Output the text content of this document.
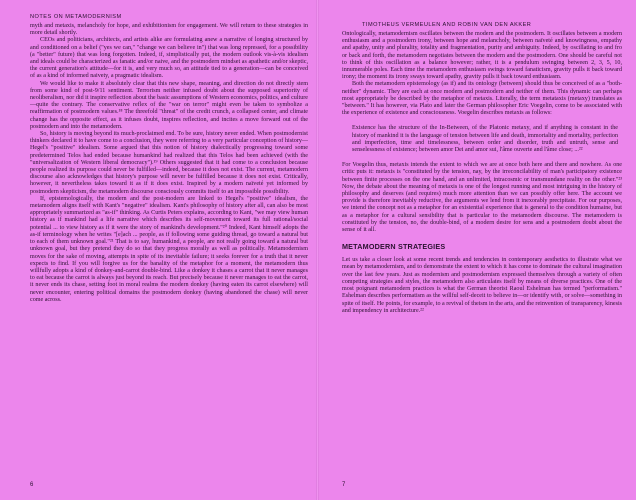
NOTES ON METAMODERNISM

myth and metaxis, melancholy for hope, and exhibitionism for engagement. We will return to these strategies in more detail shortly.

CEOs and politicians, architects, and artists alike are formulating anew a narrative of longing structured by and conditioned on a belief ("yes we can," "change we can believe in") that was long repressed, for a possibility (a "better" future) that was long forgotten. Indeed, if, simplistically put, the modern outlook vis-à-vis idealism and ideals could be characterized as fanatic and/or naive, and the postmodern mindset as apathetic and/or skeptic, the current generation's attitude—for it is, and very much so, an attitude tied to a generation—can be conceived of as a kind of informed naivety, a pragmatic idealism.

We would like to make it absolutely clear that this new shape, meaning, and direction do not directly stem from some kind of post-9/11 sentiment. Terrorism neither infused doubt about the supposed superiority of neoliberalism, nor did it inspire reflection about the basic assumptions of Western economics, politics, and culture—quite the contrary. The conservative reflex of the "war on terror" might even be taken to symbolize a reaffirmation of postmodern values.¹⁸ The threefold "threat" of the credit crunch, a collapsed center, and climate change has the opposite effect, as it infuses doubt, inspires reflection, and incites a move forward out of the postmodern and into the metamodern.

So, history is moving beyond its much-proclaimed end. To be sure, history never ended. When postmodernist thinkers declared it to have come to a conclusion, they were referring to a very particular conception of history—Hegel's "positive" idealism. Some argued that this notion of history dialectically progressing toward some predetermined Telos had ended because humankind had realized that this Telos had been achieved (with the "universalization of Western liberal democracy").¹⁹ Others suggested that it had come to a conclusion because people realized its purpose could never be fulfilled—indeed, because it does not exist. The current, metamodern discourse also acknowledges that history's purpose will never be fulfilled because it does not exist. Critically, however, it nevertheless takes toward it as if it does exist. Inspired by a modern naïveté yet informed by postmodern skepticism, the metamodern discourse consciously commits itself to an impossible possibility.

If, epistemologically, the modern and the post-modern are linked to Hegel's "positive" idealism, the metamodern aligns itself with Kant's "negative" idealism. Kant's philosophy of history after all, can also be most appropriately summarized as "as-if" thinking. As Curtis Peters explains, according to Kant, "we may view human history as if mankind had a life narrative which describes its self-movement toward its full rational/social potential ... to view history as if it were the story of mankind's development."²⁰ Indeed, Kant himself adopts the as-if terminology when he writes "[e]ach ... people, as if following some guiding thread, go toward a natural but to each of them unknown goal."²¹ That is to say, humankind, a people, are not really going toward a natural but unknown goal, but they pretend they do so that they progress morally as well as politically. Metamodernism moves for the sake of moving, attempts in spite of its inevitable failure; it seeks forever for a truth that it never expects to find. If you will forgive us for the banality of the metaphor for a moment, the metamodern thus willfully adopts a kind of donkey-and-carrot double-bind. Like a donkey it chases a carrot that it never manages to eat because the carrot is always just beyond its reach. But precisely because it never manages to eat the carrot, it never ends its chase, setting foot in moral realms the modern donkey (having eaten its carrot elsewhere) will never encounter, entering political domains the postmodern donkey (having abandoned the chase) will never come across.

6
TIMOTHEUS VERMEULEN AND ROBIN VAN DEN AKKER

Ontologically, metamodernism oscillates between the modern and the postmodern. It oscillates between a modern enthusiasm and a postmodern irony, between hope and melancholy, between naïveté and knowingness, empathy and apathy, unity and plurality, totality and fragmentation, purity and ambiguity. Indeed, by oscillating to and fro or back and forth, the metamodern negotiates between the modern and the postmodern. One should be careful not to think of this oscillation as a balance however; rather, it is a pendulum swinging between 2, 3, 5, 10, innumerable poles. Each time the metamodern enthusiasm swings toward fanaticism, gravity pulls it back toward irony; the moment its irony sways toward apathy, gravity pulls it back toward enthusiasm.

Both the metamodern epistemology (as if) and its ontology (between) should thus be conceived of as a "both-neither" dynamic. They are each at once modern and postmodern and neither of them. This dynamic can perhaps most appropriately be described by the metaphor of metaxis. Literally, the term metataxis (metaxy) translates as "between." It has however, via Plato and later the German philosopher Eric Voegelin, come to be associated with the experience of existence and consciousness. Voegelin describes metaxis as follows:

Existence has the structure of the In-Between, of the Platonic metaxy, and if anything is constant in the history of mankind it is the language of tension between life and death, immortality and mortality, perfection and imperfection, time and timelessness, between order and disorder, truth and untruth, sense and senselessness of existence; between amor Dei and amor sui, l'âme ouverte and l'âme close; ...²²

For Voegelin thus, metaxis intends the extent to which we are at once both here and there and nowhere. As one critic puts it: metaxis is "constituted by the tension, nay, by the irreconcilability of man's participatory existence between finite processes on the one hand, and an unlimited, intracosmic or transmundane reality on the other."²³ Now, the debate about the meaning of metaxis is one of the longest running and most intriguing in the history of philosophy and deserves (and requires) much more attention than we can possibly offer here. The account we provide is therefore inevitably reductive, the arguments we lend from it inexorably precipitate. For our purposes, we intend the concept not as a metaphor for an existential experience that is general to the condition humaine, but as a metaphor for a cultural sensibility that is particular to the metamodern discourse. The metamodern is constituted by the tension, no, the double-bind, of a modern desire for sens and a postmodern doubt about the sense of it all.

METAMODERN STRATEGIES

Let us take a closer look at some recent trends and tendencies in contemporary aesthetics to illustrate what we mean by metamodernism, and to demonstrate the extent to which it has come to dominate the cultural imagination over the last few years. Just as modernism and postmodernism expressed themselves through a variety of often competing strategies and styles, the metamodern also articulates itself by means of diverse practices. One of the most poignant metamodern practices is what the German theorist Raoul Eshelman has termed "performatism." Eshelman describes performatism as the willful self-deceit to believe in—or identify with, or solve—something in spite of itself. He points, for example, to a revival of theism in the arts, and the reinvention of transparency, kinesis and impendency in architecture.²²

7
